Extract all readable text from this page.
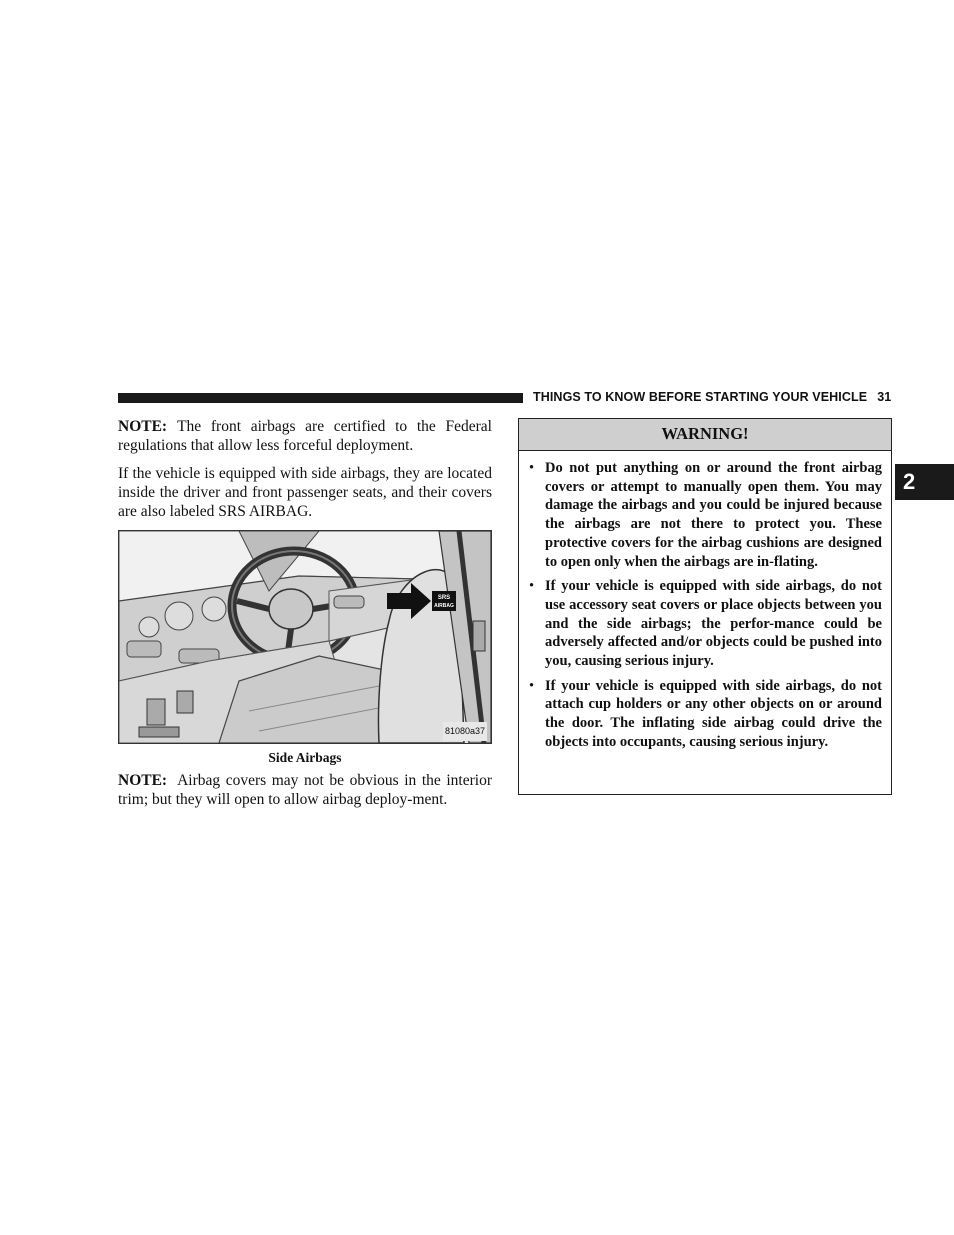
THINGS TO KNOW BEFORE STARTING YOUR VEHICLE 31
2

NOTE: The front airbags are certified to the Federal regulations that allow less forceful deployment.

If the vehicle is equipped with side airbags, they are located inside the driver and front passenger seats, and their covers are also labeled SRS AIRBAG.

SRS
AIRBAG
81080a37
Side Airbags

NOTE: Airbag covers may not be obvious in the interior trim; but they will open to allow airbag deploy-ment.

WARNING!
• Do not put anything on or around the front airbag covers or attempt to manually open them. You may damage the airbags and you could be injured because the airbags are not there to protect you. These protective covers for the airbag cushions are designed to open only when the airbags are in-flating.
• If your vehicle is equipped with side airbags, do not use accessory seat covers or place objects between you and the side airbags; the perfor-mance could be adversely affected and/or objects could be pushed into you, causing serious injury.
• If your vehicle is equipped with side airbags, do not attach cup holders or any other objects on or around the door. The inflating side airbag could drive the objects into occupants, causing serious injury.
